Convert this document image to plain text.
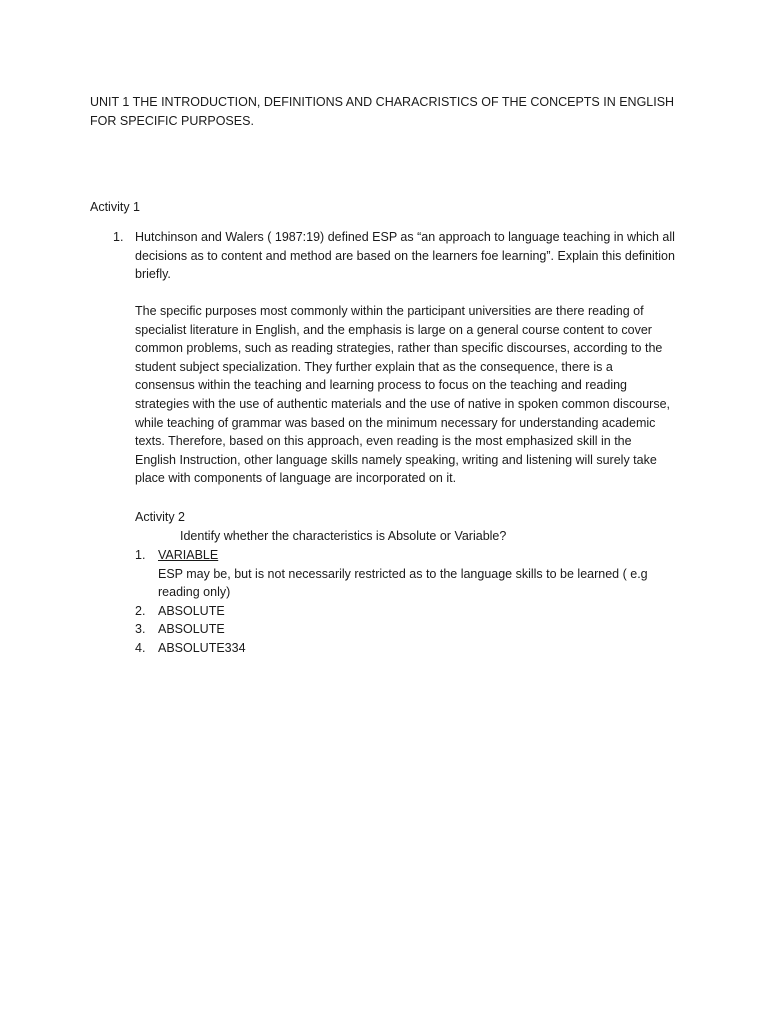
UNIT 1 THE INTRODUCTION, DEFINITIONS AND CHARACRISTICS OF THE CONCEPTS IN ENGLISH FOR SPECIFIC PURPOSES.

Activity 1

1. Hutchinson and Walers ( 1987:19) defined ESP as “an approach to language teaching in which all decisions as to content and method are based on the learners foe learning”. Explain this definition briefly.

The specific purposes most commonly within the participant universities are there reading of specialist literature in English, and the emphasis is large on a general course content to cover common problems, such as reading strategies, rather than specific discourses, according to the student subject specialization. They further explain that as the consequence, there is a consensus within the teaching and learning process to focus on the teaching and reading strategies with the use of authentic materials and the use of native in spoken common discourse, while teaching of grammar was based on the minimum necessary for understanding academic texts. Therefore, based on this approach, even reading is the most emphasized skill in the English Instruction, other language skills namely speaking, writing and listening will surely take place with components of language are incorporated on it.

Activity 2

Identify whether the characteristics is Absolute or Variable?

1. VARIABLE
ESP may be, but is not necessarily restricted as to the language skills to be learned ( e.g reading only)
2. ABSOLUTE
3. ABSOLUTE
4. ABSOLUTE334
